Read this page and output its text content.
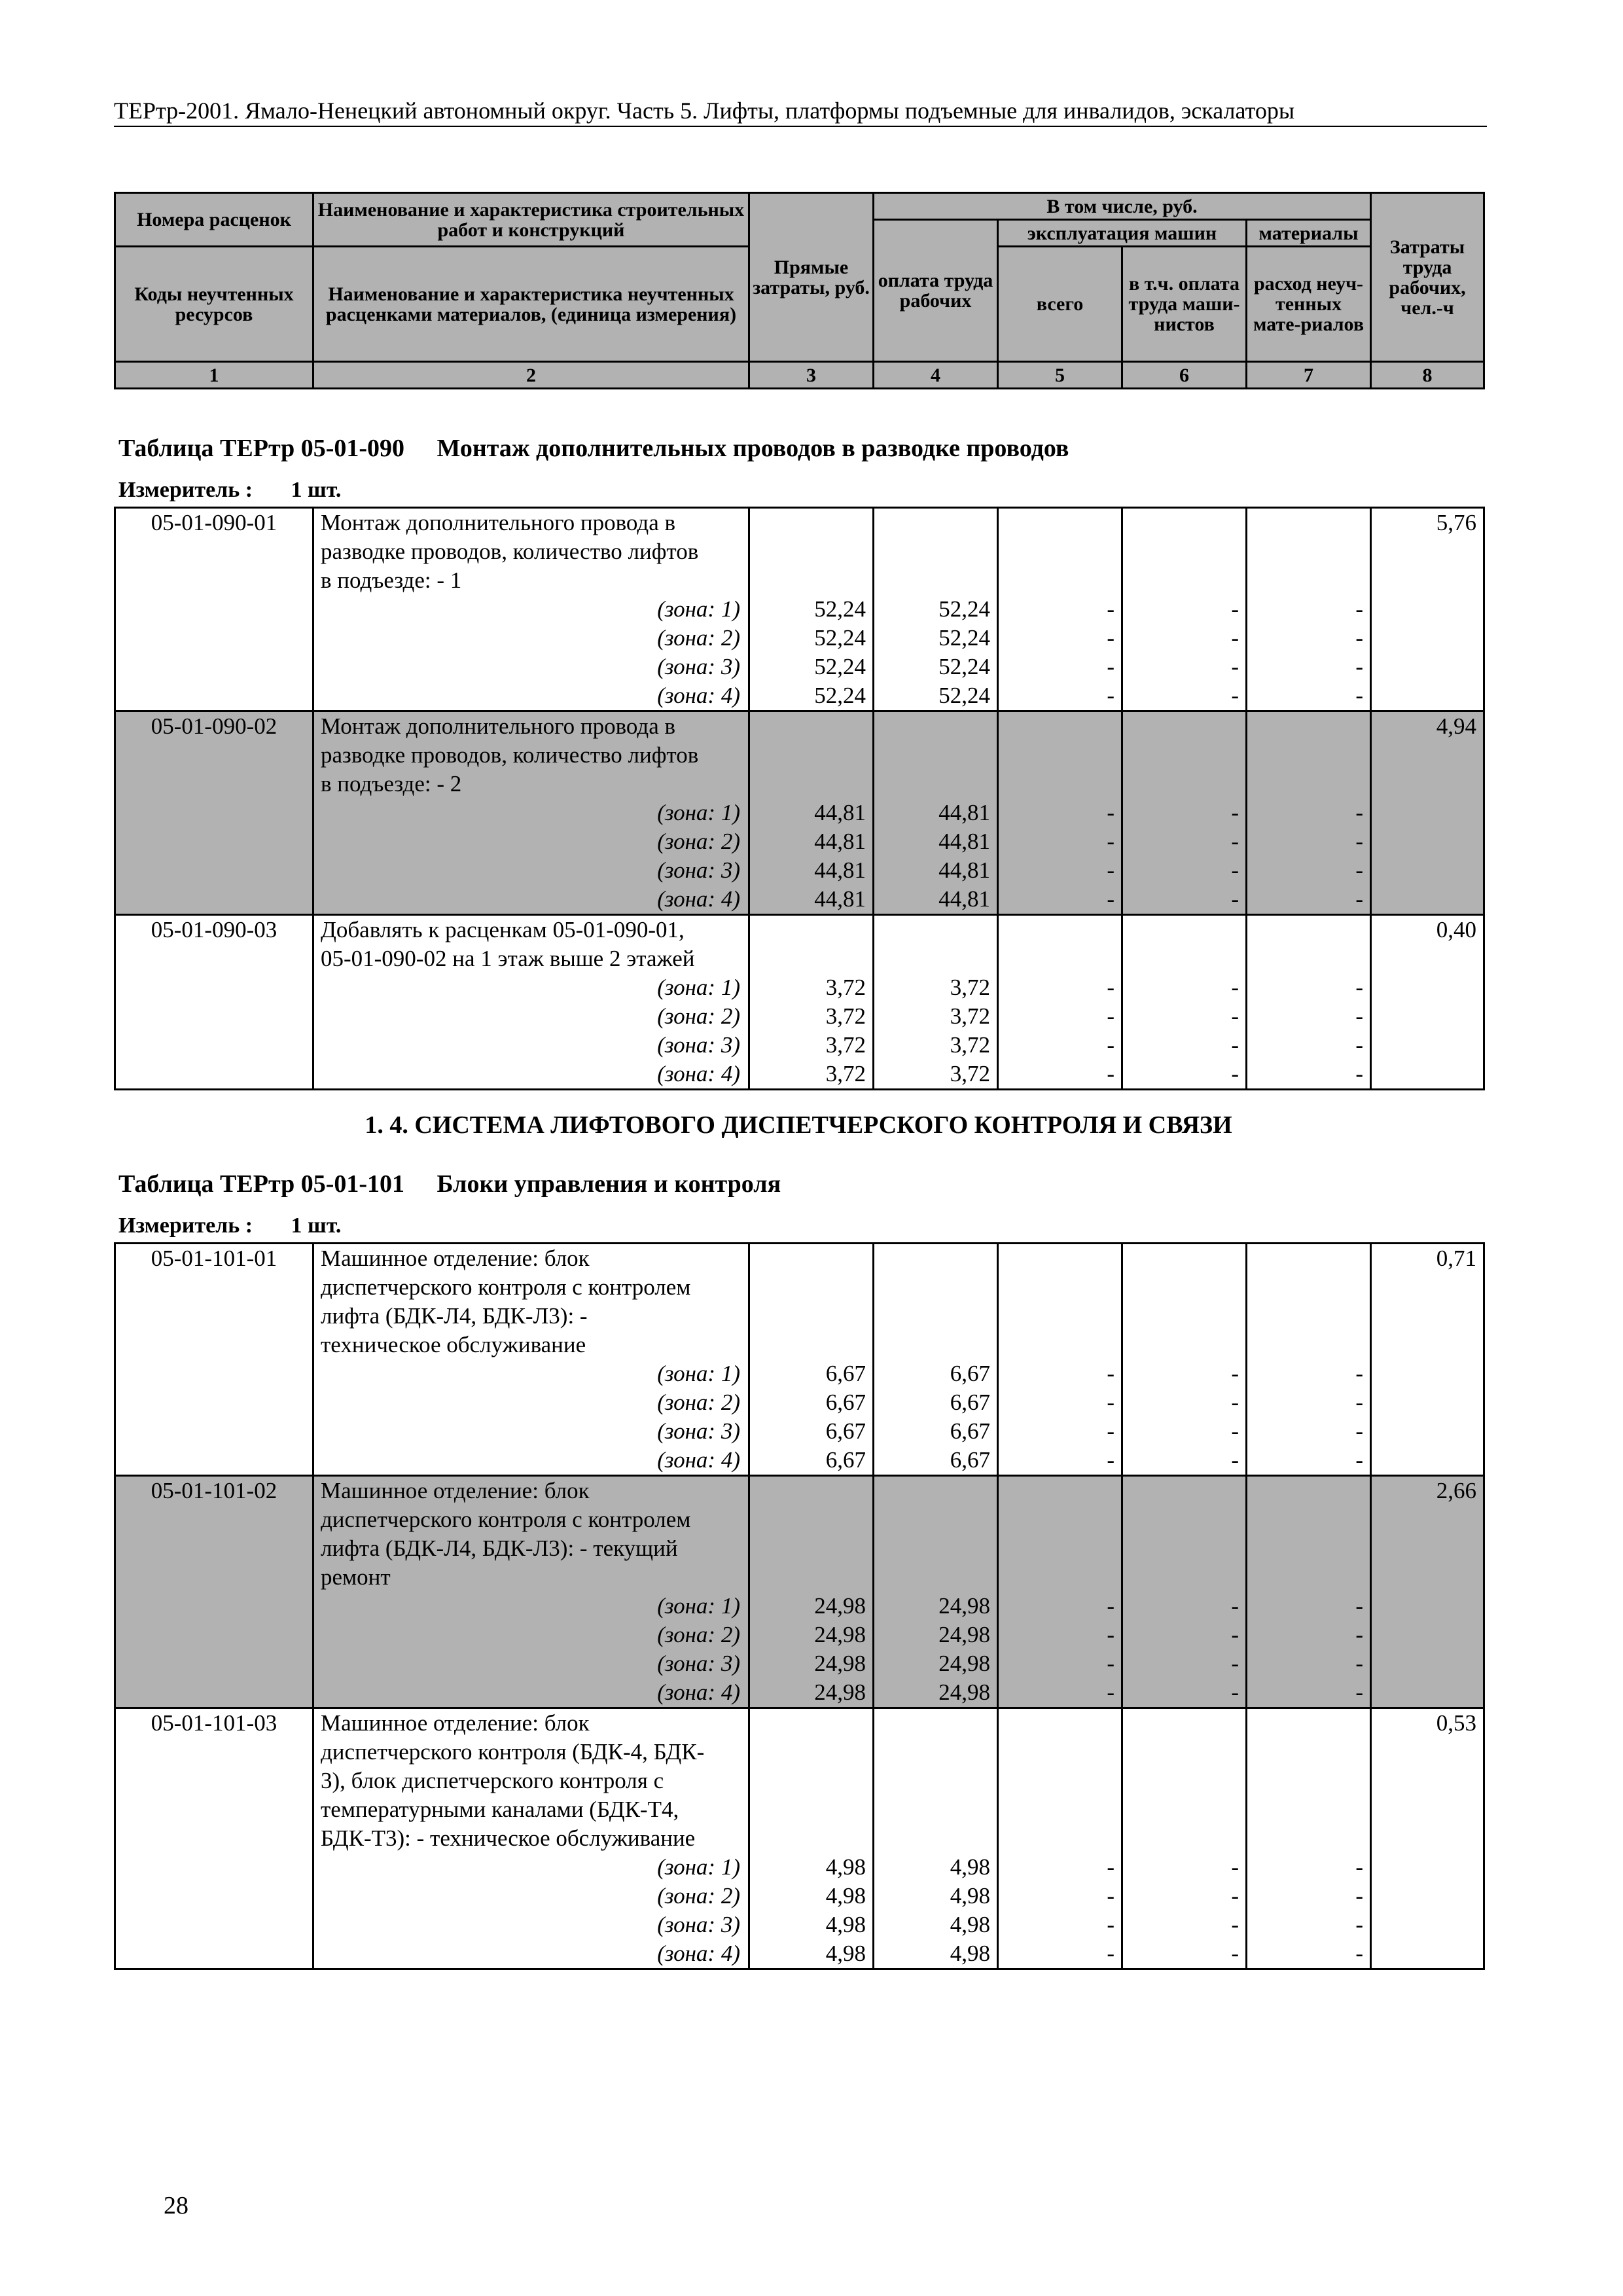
ТЕРтр-2001. Ямало-Ненецкий автономный округ. Часть 5. Лифты, платформы подъемные для инвалидов, эскалаторы
Номера расценок	Наименование и характеристика строительных работ и конструкций	Прямые затраты, руб.	В том числе, руб.				Затраты труда рабочих, чел.-ч
			оплата труда рабочих	эксплуатация машин		материалы	
Коды неучтенных ресурсов	Наименование и характеристика неучтенных расценками материалов, (единица измерения)			всего	в т.ч. оплата труда маши-нистов	расход неуч-тенных мате-риалов	

1	2	3	4	5	6	7	8
Таблица ТЕРтр 05-01-090 Монтаж дополнительных проводов в разводке проводов
Измеритель : 1 шт.
05-01-090-01	Монтаж дополнительного провода в						5,76
	разводке проводов, количество лифтов						
	в подъезде: - 1						
	(зона: 1)	52,24	52,24	-	-	-	
	(зона: 2)	52,24	52,24	-	-	-	
	(зона: 3)	52,24	52,24	-	-	-	
	(зона: 4)	52,24	52,24	-	-	-	
05-01-090-02	Монтаж дополнительного провода в						4,94
	разводке проводов, количество лифтов						
	в подъезде: - 2						
	(зона: 1)	44,81	44,81	-	-	-	
	(зона: 2)	44,81	44,81	-	-	-	
	(зона: 3)	44,81	44,81	-	-	-	
	(зона: 4)	44,81	44,81	-	-	-	
05-01-090-03	Добавлять к расценкам 05-01-090-01,						0,40
	05-01-090-02 на 1 этаж выше 2 этажей						
	(зона: 1)	3,72	3,72	-	-	-	
	(зона: 2)	3,72	3,72	-	-	-	
	(зона: 3)	3,72	3,72	-	-	-	
	(зона: 4)	3,72	3,72	-	-	-	
1. 4. СИСТЕМА ЛИФТОВОГО ДИСПЕТЧЕРСКОГО КОНТРОЛЯ И СВЯЗИ
Таблица ТЕРтр 05-01-101 Блоки управления и контроля
Измеритель : 1 шт.
05-01-101-01	Машинное отделение: блок						0,71
	диспетчерского контроля с контролем						
	лифта (БДК-Л4, БДК-Л3): -						
	техническое обслуживание						
	(зона: 1)	6,67	6,67	-	-	-	
	(зона: 2)	6,67	6,67	-	-	-	
	(зона: 3)	6,67	6,67	-	-	-	
	(зона: 4)	6,67	6,67	-	-	-	
05-01-101-02	Машинное отделение: блок						2,66
	диспетчерского контроля с контролем						
	лифта (БДК-Л4, БДК-Л3): - текущий						
	ремонт						
	(зона: 1)	24,98	24,98	-	-	-	
	(зона: 2)	24,98	24,98	-	-	-	
	(зона: 3)	24,98	24,98	-	-	-	
	(зона: 4)	24,98	24,98	-	-	-	
05-01-101-03	Машинное отделение: блок						0,53
	диспетчерского контроля (БДК-4, БДК-						
	3), блок диспетчерского контроля с						
	температурными каналами (БДК-Т4,						
	БДК-Т3): - техническое обслуживание						
	(зона: 1)	4,98	4,98	-	-	-	
	(зона: 2)	4,98	4,98	-	-	-	
	(зона: 3)	4,98	4,98	-	-	-	
	(зона: 4)	4,98	4,98	-	-	-	
28
